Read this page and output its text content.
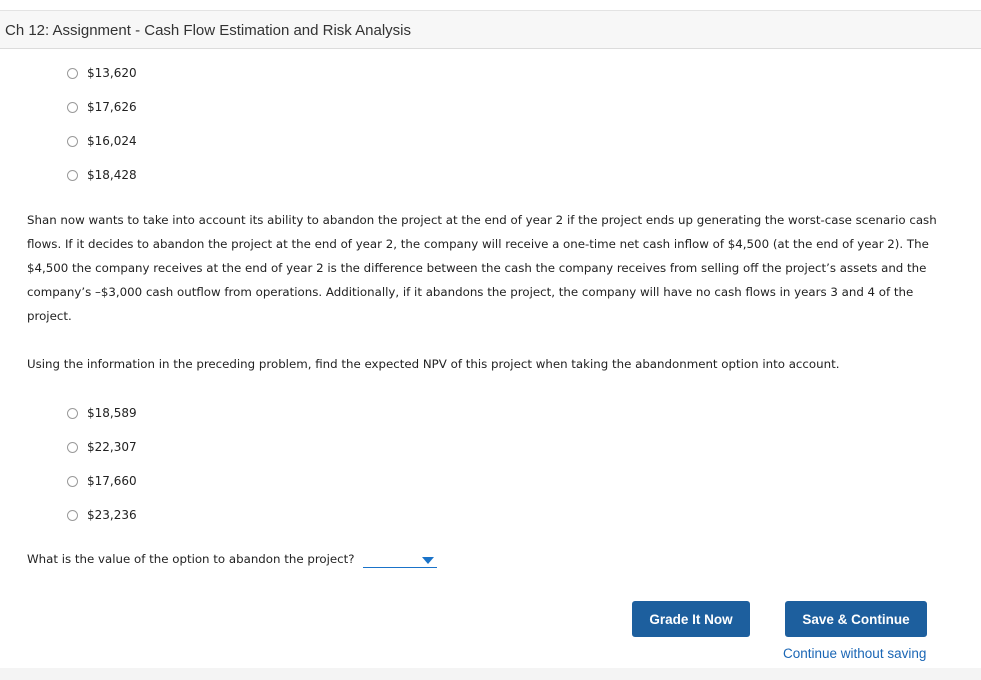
Ch 12: Assignment - Cash Flow Estimation and Risk Analysis
$13,620
$17,626
$16,024
$18,428

Shan now wants to take into account its ability to abandon the project at the end of year 2 if the project ends up generating the worst-case scenario cash flows. If it decides to abandon the project at the end of year 2, the company will receive a one-time net cash inflow of $4,500 (at the end of year 2). The $4,500 the company receives at the end of year 2 is the difference between the cash the company receives from selling off the project’s assets and the company’s –$3,000 cash outflow from operations. Additionally, if it abandons the project, the company will have no cash flows in years 3 and 4 of the project.

Using the information in the preceding problem, find the expected NPV of this project when taking the abandonment option into account.

$18,589
$22,307
$17,660
$23,236
What is the value of the option to abandon the project?
Grade It Now	Save & Continue
Continue without saving
